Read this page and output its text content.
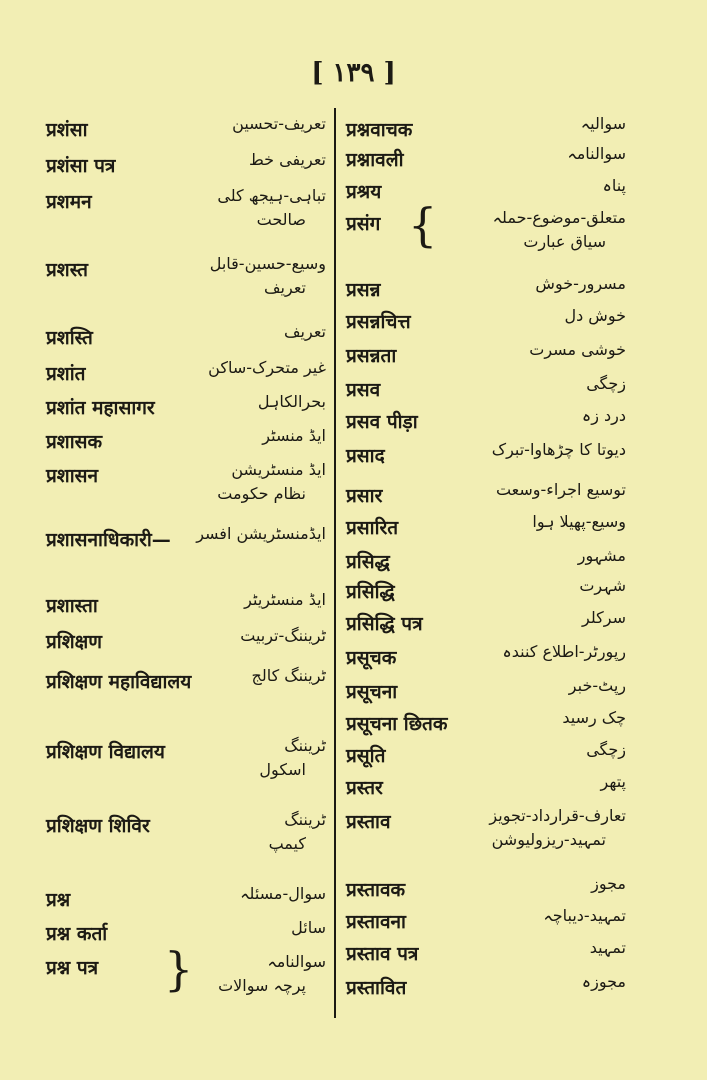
[ ١٣٩ ]
प्रशंसा	تعریف-تحسین
प्रशंसा पत्र	تعریفی خط
प्रशमन	تباہی-ہیجھ کلی
صالحت
प्रशस्त	وسیع-حسین-قابل
تعریف
प्रशस्ति	تعریف
प्रशांत	غیر متحرک-ساکن
प्रशांत महासागर	بحرالکاہل
प्रशासक	ایڈ منسٹر
प्रशासन	ایڈ منسٹریشن
نظام حکومت
प्रशासनाधिकारी—	ایڈمنسٹریشن افسر
प्रशास्ता	ایڈ منسٹریٹر
प्रशिक्षण	ٹریننگ-تربیت
प्रशिक्षण महाविद्यालय	ٹریننگ کالج
प्रशिक्षण विद्यालय	ٹریننگ
اسکول
प्रशिक्षण शिविर	ٹریننگ
کیمپ
प्रश्न	سوال-مسئلہ
प्रश्न कर्ता	سائل
प्रश्न पत्र	سوالنامہ
پرچہ سوالات
}
प्रश्नवाचक	سوالیہ
प्रश्नावली	سوالنامہ
प्रश्रय	پناہ
प्रसंग	متعلق-موضوع-حملہ
سیاق عبارت
{
प्रसन्न	مسرور-خوش
प्रसन्नचित्त	خوش دل
प्रसन्नता	خوشی مسرت
प्रसव	زچگی
प्रसव पीड़ा	درد زہ
प्रसाद	دیوتا کا چڑھاوا-تبرک
प्रसार	توسیع اجراء-وسعت
प्रसारित	وسیع-پھیلا ہوا
प्रसिद्ध	مشہور
प्रसिद्धि	شہرت
प्रसिद्धि पत्र	سرکلر
प्रसूचक	رپورٹر-اطلاع کنندہ
प्रसूचना	رپٹ-خبر
प्रसूचना छितक	چک رسید
प्रसूति	زچگی
प्रस्तर	پتھر
प्रस्ताव	تعارف-قرارداد-تجویز
تمہید-ریزولیوشن
प्रस्तावक	مجوز
प्रस्तावना	تمہید-دیباچہ
प्रस्ताव पत्र	تمہید
प्रस्तावित	مجوزہ
